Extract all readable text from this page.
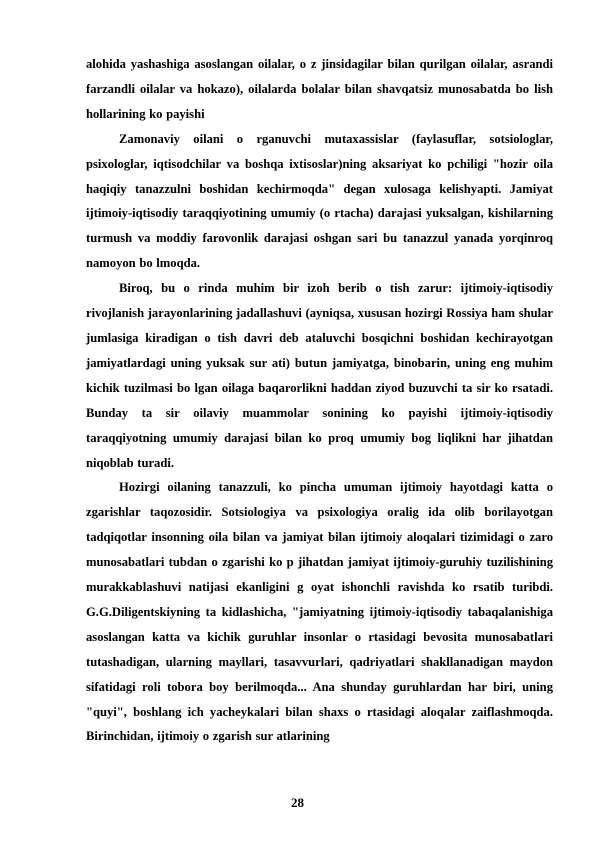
alohida yashashiga asoslangan oilalar, o z jinsidagilar bilan qurilgan oilalar, asrandi farzandli oilalar va hokazo), oilalarda bolalar bilan shavqatsiz munosabatda bo lish hollarining ko payishi

Zamonaviy oilani o rganuvchi mutaxassislar (faylasuflar, sotsiologlar, psixologlar, iqtisodchilar va boshqa ixtisoslar)ning aksariyat ko pchiligi "hozir oila haqiqiy tanazzulni boshidan kechirmoqda" degan xulosaga kelishyapti. Jamiyat ijtimoiy-iqtisodiy taraqqiyotining umumiy (o rtacha) darajasi yuksalgan, kishilarning turmush va moddiy farovonlik darajasi oshgan sari bu tanazzul yanada yorqinroq namoyon bo lmoqda.

Biroq, bu o rinda muhim bir izoh berib o tish zarur: ijtimoiy-iqtisodiy rivojlanish jarayonlarining jadallashuvi (ayniqsa, xususan hozirgi Rossiya ham shular jumlasiga kiradigan o tish davri deb ataluvchi bosqichni boshidan kechirayotgan jamiyatlardagi uning yuksak sur ati) butun jamiyatga, binobarin, uning eng muhim kichik tuzilmasi bo lgan oilaga baqarorlikni haddan ziyod buzuvchi ta sir ko rsatadi. Bunday ta sir oilaviy muammolar sonining ko payishi ijtimoiy-iqtisodiy taraqqiyotning umumiy darajasi bilan ko proq umumiy bog liqlikni har jihatdan niqoblab turadi.

Hozirgi oilaning tanazzuli, ko pincha umuman ijtimoiy hayotdagi katta o zgarishlar taqozosidir. Sotsiologiya va psixologiya oralig ida olib borilayotgan tadqiqotlar insonning oila bilan va jamiyat bilan ijtimoiy aloqalari tizimidagi o zaro munosabatlari tubdan o zgarishi ko p jihatdan jamiyat ijtimoiy-guruhiy tuzilishining murakkablashuvi natijasi ekanligini g oyat ishonchli ravishda ko rsatib turibdi. G.G.Diligentskiyning ta kidlashicha, "jamiyatning ijtimoiy-iqtisodiy tabaqalanishiga asoslangan katta va kichik guruhlar insonlar o rtasidagi bevosita munosabatlari tutashadigan, ularning mayllari, tasavvurlari, qadriyatlari shakllanadigan maydon sifatidagi roli tobora boy berilmoqda... Ana shunday guruhlardan har biri, uning "quyi", boshlang ich yacheykalari bilan shaxs o rtasidagi aloqalar zaiflashmoqda. Birinchidan, ijtimoiy o zgarish sur atlarining

28
